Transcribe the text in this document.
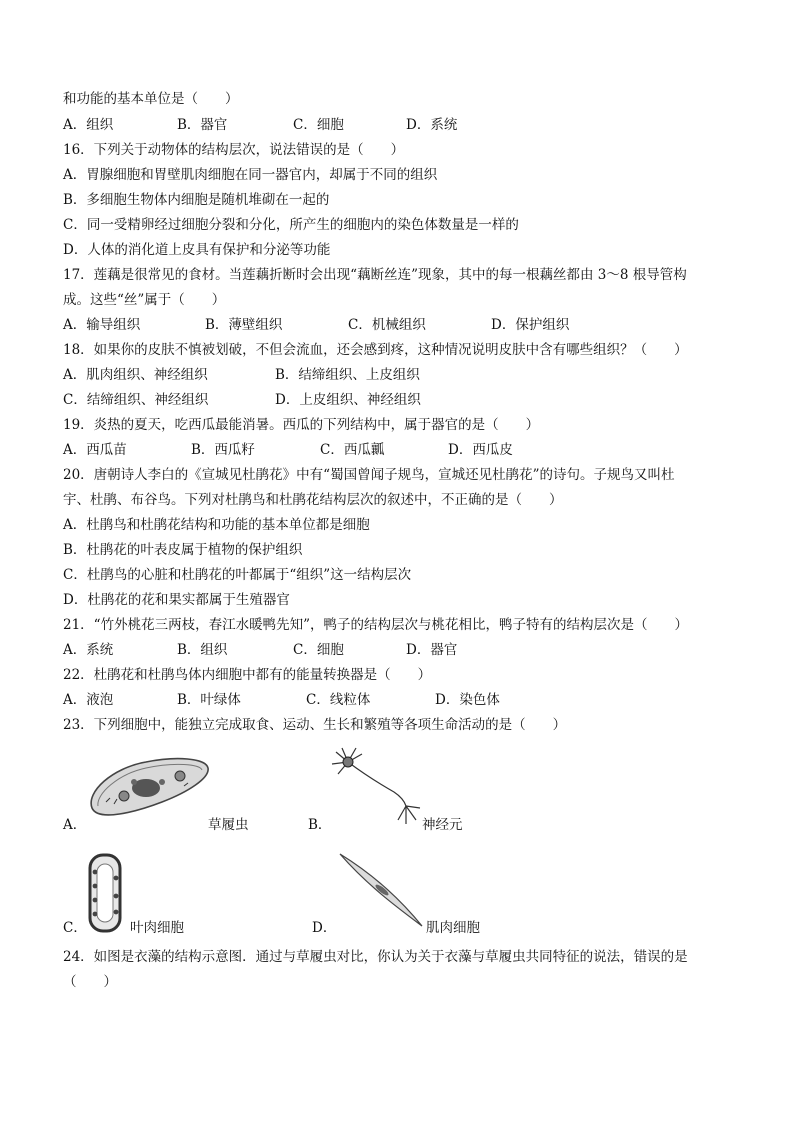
和功能的基本单位是（　　）
A．组织	B．器官	C．细胞	D．系统
16．下列关于动物体的结构层次，说法错误的是（　　）
A．胃腺细胞和胃壁肌肉细胞在同一器官内，却属于不同的组织
B．多细胞生物体内细胞是随机堆砌在一起的
C．同一受精卵经过细胞分裂和分化，所产生的细胞内的染色体数量是一样的
D．人体的消化道上皮具有保护和分泌等功能
17．莲藕是很常见的食材。当莲藕折断时会出现“藕断丝连”现象，其中的每一根藕丝都由 3～8 根导管构
成。这些“丝”属于（　　）
A．输导组织	B．薄壁组织	C．机械组织	D．保护组织
18．如果你的皮肤不慎被划破，不但会流血，还会感到疼，这种情况说明皮肤中含有哪些组织？（　　）
A．肌肉组织、神经组织	B．结缔组织、上皮组织
C．结缔组织、神经组织	D．上皮组织、神经组织
19．炎热的夏天，吃西瓜最能消暑。西瓜的下列结构中，属于器官的是（　　）
A．西瓜苗	B．西瓜籽	C．西瓜瓤	D．西瓜皮
20．唐朝诗人李白的《宣城见杜鹃花》中有“蜀国曾闻子规鸟，宣城还见杜鹃花”的诗句。子规鸟又叫杜
宇、杜鹃、布谷鸟。下列对杜鹃鸟和杜鹃花结构层次的叙述中，不正确的是（　　）
A．杜鹃鸟和杜鹃花结构和功能的基本单位都是细胞
B．杜鹃花的叶表皮属于植物的保护组织
C．杜鹃鸟的心脏和杜鹃花的叶都属于“组织”这一结构层次
D．杜鹃花的花和果实都属于生殖器官
21．“竹外桃花三两枝，春江水暖鸭先知”，鸭子的结构层次与桃花相比，鸭子特有的结构层次是（　　）
A．系统	B．组织	C．细胞	D．器官
22．杜鹃花和杜鹃鸟体内细胞中都有的能量转换器是（　　）
A．液泡	B．叶绿体	C．线粒体	D．染色体
23．下列细胞中，能独立完成取食、运动、生长和繁殖等各项生命活动的是（　　）
A．	草履虫	B．	神经元
C．	叶肉细胞	D．	肌肉细胞
24．如图是衣藻的结构示意图．通过与草履虫对比，你认为关于衣藻与草履虫共同特征的说法，错误的是
（　　）
